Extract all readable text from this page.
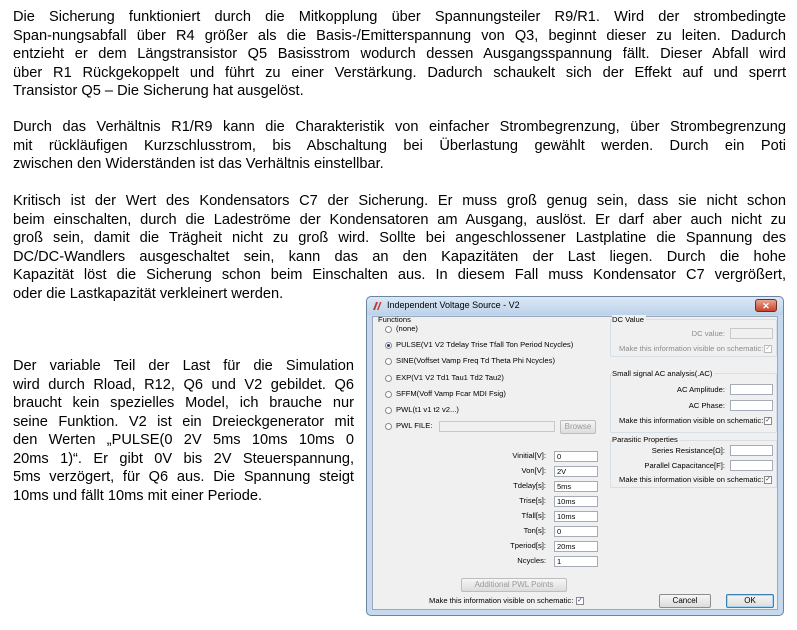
Die Sicherung funktioniert durch die Mitkopplung über Spannungsteiler R9/R1. Wird der strombedingte
Span-nungsabfall über R4 größer als die Basis-/Emitterspannung von Q3, beginnt dieser zu leiten. Dadurch
entzieht er dem Längstransistor Q5 Basisstrom wodurch dessen Ausgangsspannung fällt. Dieser Abfall wird
über R1 Rückgekoppelt und führt zu einer Verstärkung. Dadurch schaukelt sich der Effekt auf und sperrt
Transistor Q5 – Die Sicherung hat ausgelöst.

Durch das Verhältnis R1/R9 kann die Charakteristik von einfacher Strombegrenzung, über Strombegrenzung
mit rückläufigen Kurzschlusstrom, bis Abschaltung bei Überlastung gewählt werden. Durch ein Poti
zwischen den Widerständen ist das Verhältnis einstellbar.

Kritisch ist der Wert des Kondensators C7 der Sicherung. Er muss groß genug sein, dass sie nicht schon
beim einschalten, durch die Ladeströme der Kondensatoren am Ausgang, auslöst. Er darf aber auch nicht zu
groß sein, damit die Trägheit nicht zu groß wird. Sollte bei angeschlossener Lastplatine die Spannung des
DC/DC-Wandlers ausgeschaltet sein, kann das an den Kapazitäten der Last liegen. Durch die hohe
Kapazität löst die Sicherung schon beim Einschalten aus. In diesem Fall muss Kondensator C7 vergrößert,
oder die Lastkapazität verkleinert werden.

Der variable Teil der Last für die Simulation
wird durch Rload, R12, Q6 und V2 gebildet. Q6
braucht kein spezielles Model, ich brauche nur
seine Funktion. V2 ist ein Dreieckgenerator mit
den Werten „PULSE(0 2V 5ms 10ms 10ms 0
20ms 1)“. Er gibt 0V bis 2V Steuerspannung,
5ms verzögert, für Q6 aus. Die Spannung steigt
10ms und fällt 10ms mit einer Periode.

Independent Voltage Source - V2	✕
Functions
(none)
PULSE(V1 V2 Tdelay Trise Tfall Ton Period Ncycles)
SINE(Voffset Vamp Freq Td Theta Phi Ncycles)
EXP(V1 V2 Td1 Tau1 Td2 Tau2)
SFFM(Voff Vamp Fcar MDI Fsig)
PWL(t1 v1 t2 v2...)
PWL FILE:	Browse
Vinitial[V]:	0
Von[V]:	2V
Tdelay[s]:	5ms
Trise[s]:	10ms
Tfall[s]:	10ms
Ton[s]:	0
Tperiod[s]:	20ms
Ncycles:	1
Additional PWL Points
Make this information visible on schematic: ✓
DC Value
DC value:
Make this information visible on schematic: ✓
Small signal AC analysis(.AC)
AC Amplitude:
AC Phase:
Make this information visible on schematic: ✓
Parasitic Properties
Series Resistance[Ω]:
Parallel Capacitance[F]:
Make this information visible on schematic: ✓
Cancel	OK
